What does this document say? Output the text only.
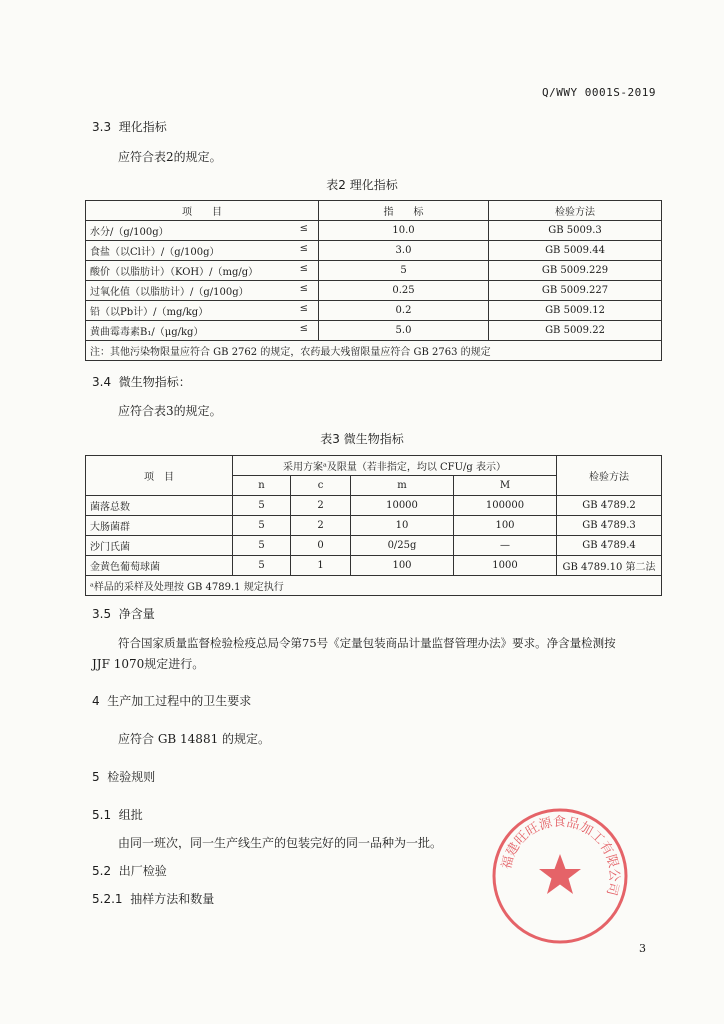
Q/WWY 0001S-2019
3.3 理化指标
应符合表2的规定。
表2 理化指标
项　　目	指　　标	检验方法
水分/（g/100g） ≤	10.0	GB 5009.3
食盐（以Cl计）/（g/100g） ≤	3.0	GB 5009.44
酸价（以脂肪计）（KOH）/（mg/g） ≤	5	GB 5009.229
过氧化值（以脂肪计）/（g/100g） ≤	0.25	GB 5009.227
铅（以Pb计）/（mg/kg） ≤	0.2	GB 5009.12
黄曲霉毒素B₁/（μg/kg） ≤	5.0	GB 5009.22
注：其他污染物限量应符合 GB 2762 的规定，农药最大残留限量应符合 GB 2763 的规定		
3.4 微生物指标：
应符合表3的规定。
表3 微生物指标
项　目	采用方案ᵃ及限量（若非指定，均以 CFU/g 表示）				检验方法
	n	c	m	M	
菌落总数	5	2	10000	100000	GB 4789.2
大肠菌群	5	2	10	100	GB 4789.3
沙门氏菌	5	0	0/25g	—	GB 4789.4
金黄色葡萄球菌	5	1	100	1000	GB 4789.10 第二法
ᵃ样品的采样及处理按 GB 4789.1 规定执行					
3.5 净含量
符合国家质量监督检验检疫总局令第75号《定量包装商品计量监督管理办法》要求。净含量检测按
JJF 1070规定进行。
4 生产加工过程中的卫生要求
应符合 GB 14881 的规定。
5 检验规则
5.1 组批
由同一班次，同一生产线生产的包装完好的同一品种为一批。
5.2 出厂检验
5.2.1 抽样方法和数量
福建旺旺源食品加工有限公司
3
